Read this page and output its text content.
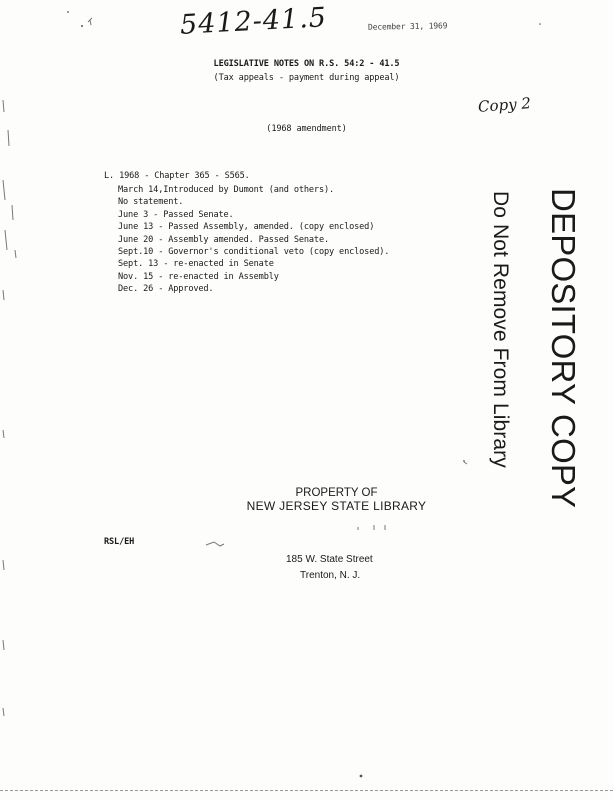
5412-41.5	December 31, 1969
LEGISLATIVE NOTES ON R.S. 54:2 - 41.5
(Tax appeals - payment during appeal)
Copy 2
(1968 amendment)
L. 1968 - Chapter 365 - S565.
March 14,Introduced by Dumont (and others).
No statement.
June 3 - Passed Senate.
June 13 - Passed Assembly, amended. (copy enclosed)
June 20 - Assembly amended. Passed Senate.
Sept.10 - Governor's conditional veto (copy enclosed).
Sept. 13 - re-enacted in Senate
Nov. 15 - re-enacted in Assembly
Dec. 26 - Approved.	DEPOSITORY COPY
Do Not Remove From Library
PROPERTY OF
NEW JERSEY STATE LIBRARY
RSL/EH
185 W. State Street
Trenton, N. J.
